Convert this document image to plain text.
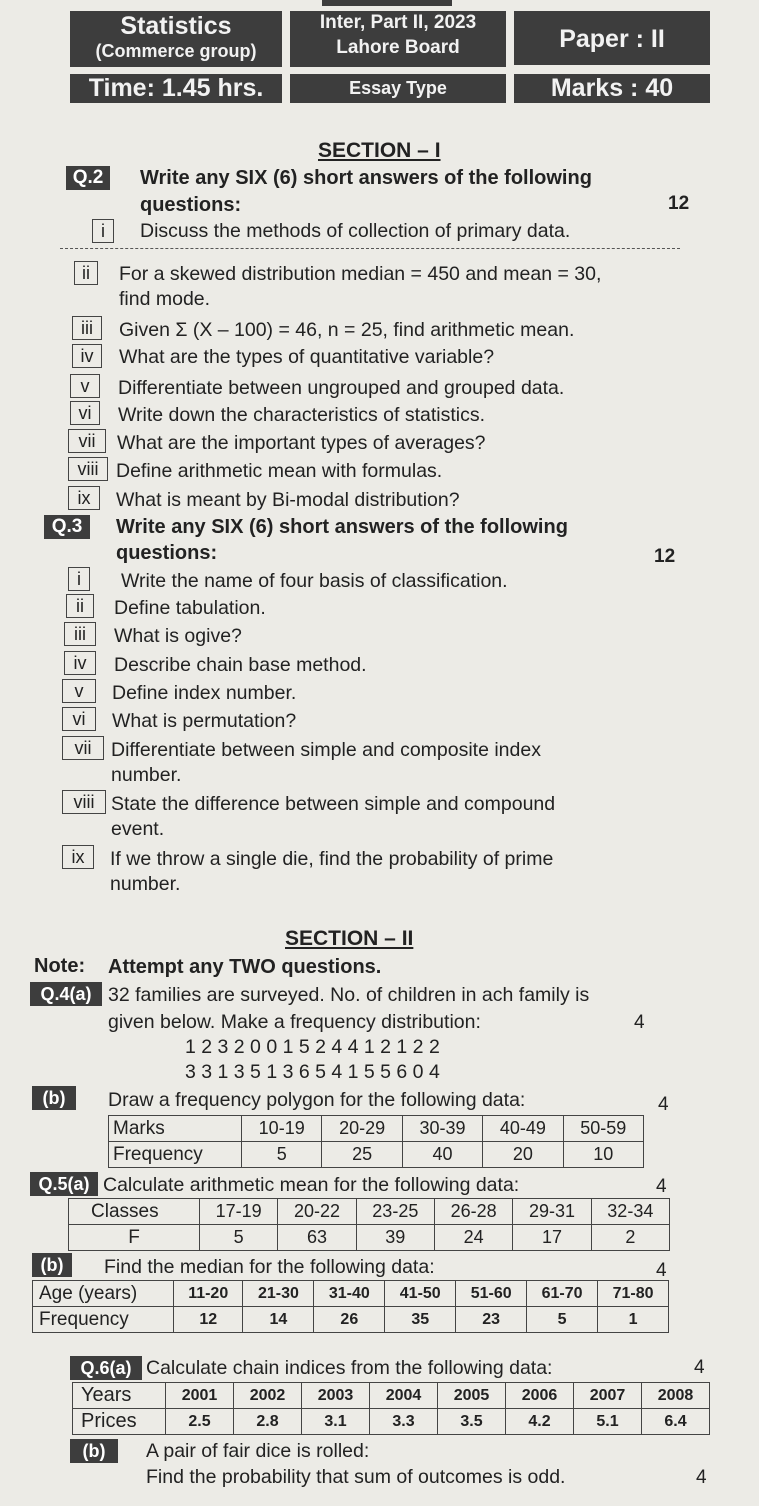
Statistics
(Commerce group)
Inter, Part II, 2023
Lahore Board	Paper : II
Time: 1.45 hrs.	Essay Type	Marks : 40
SECTION – I
Q.2	Write any SIX (6) short answers of the following
questions:	12
i	Discuss the methods of collection of primary data.
ii	For a skewed distribution median = 450 and mean = 30,
find mode.
iii	Given Σ (X – 100) = 46, n = 25, find arithmetic mean.
iv	What are the types of quantitative variable?
v	Differentiate between ungrouped and grouped data.
vi	Write down the characteristics of statistics.
vii	What are the important types of averages?
viii Define arithmetic mean with formulas.
ix	What is meant by Bi-modal distribution?
Q.3	Write any SIX (6) short answers of the following
questions:	12
i	Write the name of four basis of classification.
ii	Define tabulation.
iii	What is ogive?
iv	Describe chain base method.
v	Define index number.
vi	What is permutation?
vii	Differentiate between simple and composite index
number.
viii State the difference between simple and compound
event.
ix	If we throw a single die, find the probability of prime
number.
SECTION – II
Note: Attempt any TWO questions.
Q.4(a) 32 families are surveyed. No. of children in ach family is
given below. Make a frequency distribution:	4
1 2 3 2 0 0 1 5 2 4 4 1 2 1 2 2
3 3 1 3 5 1 3 6 5 4 1 5 5 6 0 4
(b)	Draw a frequency polygon for the following data:	4
Marks	10-19	20-29	30-39	40-49	50-59
Frequency	5	25	40	20	10
Q.5(a) Calculate arithmetic mean for the following data:	4
Classes	17-19	20-22	23-25	26-28	29-31	32-34
F	5	63	39	24	17	2
(b)	Find the median for the following data:	4
Age (years)	11-20	21-30	31-40	41-50	51-60	61-70	71-80
Frequency	12	14	26	35	23	5	1
Q.6(a) Calculate chain indices from the following data:	4
Years	2001	2002	2003	2004	2005	2006	2007	2008
Prices	2.5	2.8	3.1	3.3	3.5	4.2	5.1	6.4
(b)	A pair of fair dice is rolled:
Find the probability that sum of outcomes is odd.	4
